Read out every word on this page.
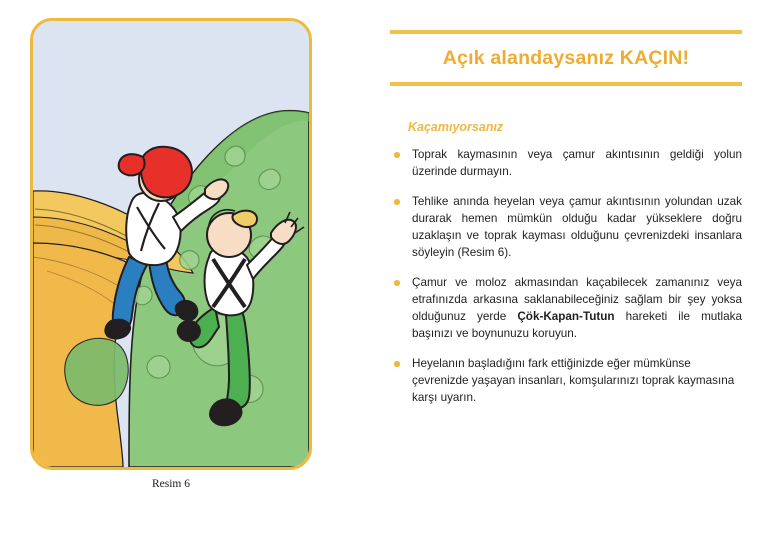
Resim 6
Açık alandaysanız KAÇIN!
Kaçamıyorsanız
Toprak kaymasının veya çamur akıntısının geldiği yolun üzerinde durmayın.
Tehlike anında heyelan veya çamur akıntısının yolundan uzak durarak hemen mümkün olduğu kadar yükseklere doğru uzaklaşın ve toprak kayması olduğunu çevrenizdeki insanlara söyleyin (Resim 6).
Çamur ve moloz akmasından kaçabilecek zamanınız veya etrafınızda arkasına saklanabileceğiniz sağlam bir şey yoksa olduğunuz yerde Çök-Kapan-Tutun hareketi ile mutlaka başınızı ve boynunuzu koruyun.
Heyelanın başladığını fark ettiğinizde eğer mümkünse çevrenizde yaşayan insanları, komşularınızı toprak kaymasına karşı uyarın.
